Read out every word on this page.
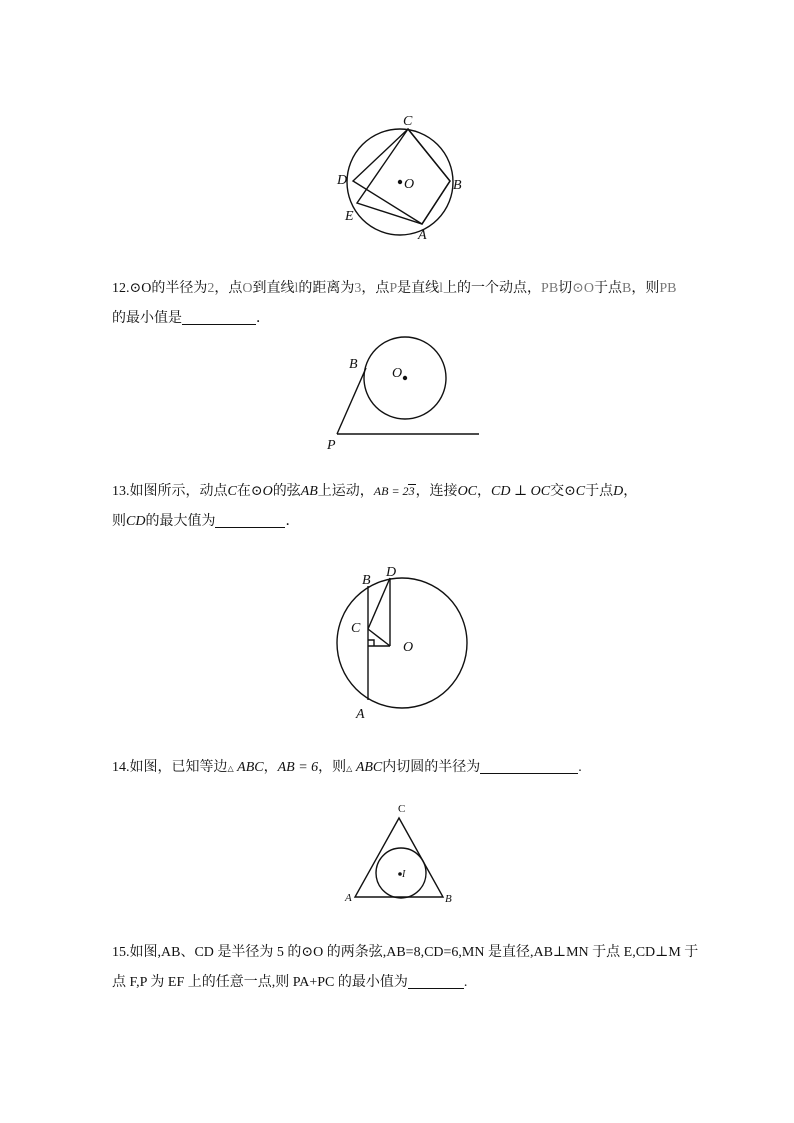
C
D	B
E
A
O
12.⊙O的半径为2，点O到直线l的距离为3，点P是直线l上的一个动点，PB切⊙O于点B，则PB
的最小值是	．
B
O
P
13.如图所示，动点C在⊙O的弦AB上运动，AB = 23，连接OC，CD ⊥ OC交⊙C于点D，
则CD的最大值为	．
B
D
C
O
A
14.如图，已知等边△ ABC，AB = 6，则△ ABC内切圆的半径为	.
C
A	B
I
15.如图,AB、CD 是半径为 5 的⊙O 的两条弦,AB=8,CD=6,MN 是直径,AB⊥MN 于点 E,CD⊥M 于
点 F,P 为 EF 上的任意一点,则 PA+PC 的最小值为	.
